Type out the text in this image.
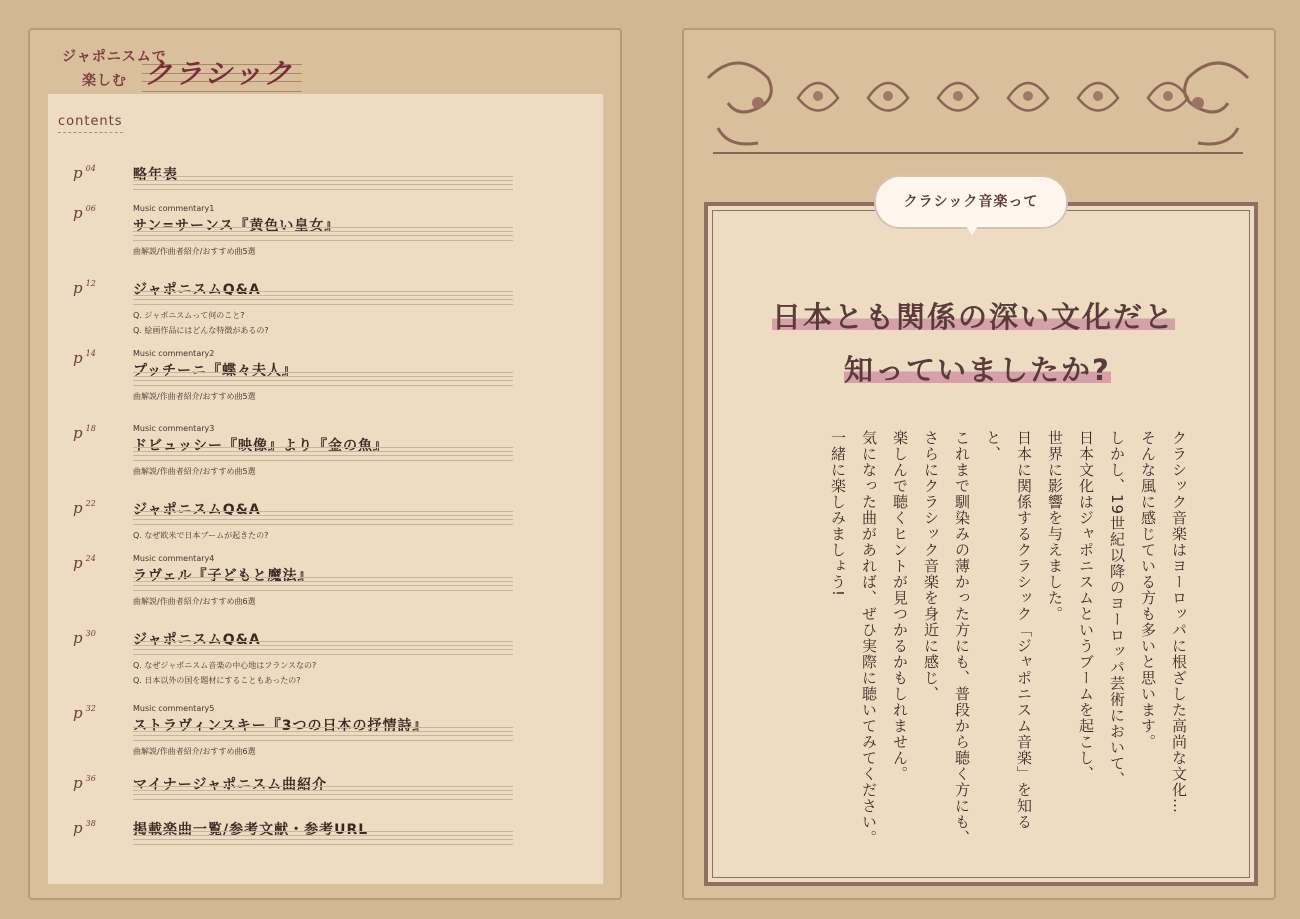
ジャポニスムで
楽しむ クラシック
contents
p $^{04}$	略年表
p $^{06}$	Music commentary1
サン=サーンス『黄色い皇女』
曲解説/作曲者紹介/おすすめ曲5選
p $^{12}$	ジャポニスムQ&A
Q. ジャポニスムって何のこと?
Q. 絵画作品にはどんな特徴があるの?
p $^{14}$	Music commentary2
プッチーニ『蝶々夫人』
曲解説/作曲者紹介/おすすめ曲5選
p $^{18}$	Music commentary3
ドビュッシー『映像』より『金の魚』
曲解説/作曲者紹介/おすすめ曲5選
p $^{22}$	ジャポニスムQ&A
Q. なぜ欧米で日本ブームが起きたの?
p $^{24}$	Music commentary4
ラヴェル『子どもと魔法』
曲解説/作曲者紹介/おすすめ曲6選
p $^{30}$	ジャポニスムQ&A
Q. なぜジャポニスム音楽の中心地はフランスなの?
Q. 日本以外の国を題材にすることもあったの?
p $^{32}$	Music commentary5
ストラヴィンスキー『3つの日本の抒情詩』
曲解説/作曲者紹介/おすすめ曲6選
p $^{36}$	マイナージャポニスム曲紹介
p $^{38}$	掲載楽曲一覧/参考文献・参考URL
クラシック音楽って
日本とも関係の深い文化だと
知っていましたか?

クラシック音楽はヨーロッパに根ざした高尚な文化…

そんな風に感じている方も多いと思います。

しかし、19世紀以降のヨーロッパ芸術において、

日本文化はジャポニスムというブームを起こし、

世界に影響を与えました。

日本に関係するクラシック「ジャポニスム音楽」を知ると、

これまで馴染みの薄かった方にも、普段から聴く方にも、

さらにクラシック音楽を身近に感じ、

楽しんで聴くヒントが見つかるかもしれません。

気になった曲があれば、ぜひ実際に聴いてみてください。

一緒に楽しみましょう!
